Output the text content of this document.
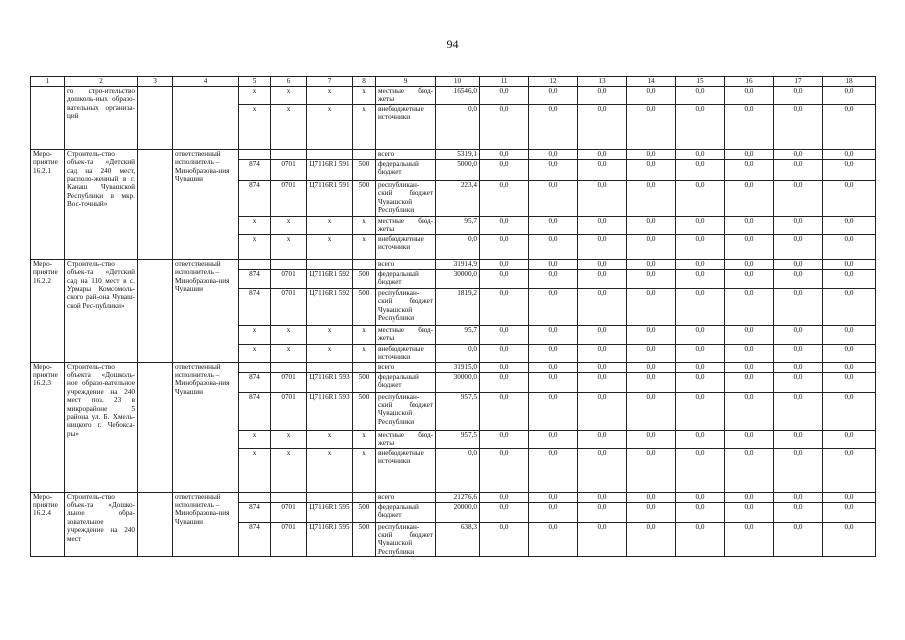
94
1	2	3	4	5	6	7	8	9	10	11	12	13	14	15	16	17	18
	го стро-ительство дошколь-ных образо-вательных организа-ций			x	x	x	x	местные бюд-жеты	16546,0	0,0	0,0	0,0	0,0	0,0	0,0	0,0	0,0
				x	x	x	x	внебюджетные источники	0,0	0,0	0,0	0,0	0,0	0,0	0,0	0,0	0,0
Меро-приятие 16.2.1	Строитель-ство объек-та «Детский сад на 240 мест, располо-женный в г. Канаш Чувашской Республики в мкр. Вос-точный»		ответственный исполнитель – Минобразова-ния Чувашии					всего	5319,1	0,0	0,0	0,0	0,0	0,0	0,0	0,0	0,0
				874	0701	Ц7116R1 591	500	федеральный бюджет	5000,0	0,0	0,0	0,0	0,0	0,0	0,0	0,0	0,0
				874	0701	Ц7116R1 591	500	республикан-ский бюджет Чувашской Республики	223,4	0,0	0,0	0,0	0,0	0,0	0,0	0,0	0,0
				x	x	x	x	местные бюд-жеты	95,7	0,0	0,0	0,0	0,0	0,0	0,0	0,0	0,0
				x	x	x	x	внебюджетные источники	0,0	0,0	0,0	0,0	0,0	0,0	0,0	0,0	0,0
Меро-приятие 16.2.2	Строитель-ство объек-та «Детский сад на 110 мест в с. Урмары Комсомоль-ского рай-она Чуваш-ской Рес-публики»		ответственный исполнитель – Минобразова-ния Чувашии					всего	31914,9	0,0	0,0	0,0	0,0	0,0	0,0	0,0	0,0
				874	0701	Ц7116R1 592	500	федеральный бюджет	30000,0	0,0	0,0	0,0	0,0	0,0	0,0	0,0	0,0
				874	0701	Ц7116R1 592	500	республикан-ский бюджет Чувашской Республики	1819,2	0,0	0,0	0,0	0,0	0,0	0,0	0,0	0,0
				x	x	x	x	местные бюд-жеты	95,7	0,0	0,0	0,0	0,0	0,0	0,0	0,0	0,0
				x	x	x	x	внебюджетные источники	0,0	0,0	0,0	0,0	0,0	0,0	0,0	0,0	0,0
Меро-приятие 16.2.3	Строитель-ство объекта «Дошколь-ное образо-вательное учреждение на 240 мест поз. 23 в микрорайоне 5 района ул. Б. Хмель-ницкого г. Чебокса-ры»		ответственный исполнитель – Минобразова-ния Чувашии					всего	31915,0	0,0	0,0	0,0	0,0	0,0	0,0	0,0	0,0
				874	0701	Ц7116R1 593	500	федеральный бюджет	30000,0	0,0	0,0	0,0	0,0	0,0	0,0	0,0	0,0
				874	0701	Ц7116R1 593	500	республикан-ский бюджет Чувашской Республики	957,5	0,0	0,0	0,0	0,0	0,0	0,0	0,0	0,0
				x	x	x	x	местные бюд-жеты	957,5	0,0	0,0	0,0	0,0	0,0	0,0	0,0	0,0
				x	x	x	x	внебюджетные источники	0,0	0,0	0,0	0,0	0,0	0,0	0,0	0,0	0,0
Меро-приятие 16.2.4	Строитель-ство объек-та «Дошко-льное обра-зовательное учреждение на 240 мест		ответственный исполнитель – Минобразова-ния Чувашии					всего	21276,6	0,0	0,0	0,0	0,0	0,0	0,0	0,0	0,0
				874	0701	Ц7116R1 595	500	федеральный бюджет	20000,0	0,0	0,0	0,0	0,0	0,0	0,0	0,0	0,0
				874	0701	Ц7116R1 595	500	республикан-ский бюджет Чувашской Республики	638,3	0,0	0,0	0,0	0,0	0,0	0,0	0,0	0,0
